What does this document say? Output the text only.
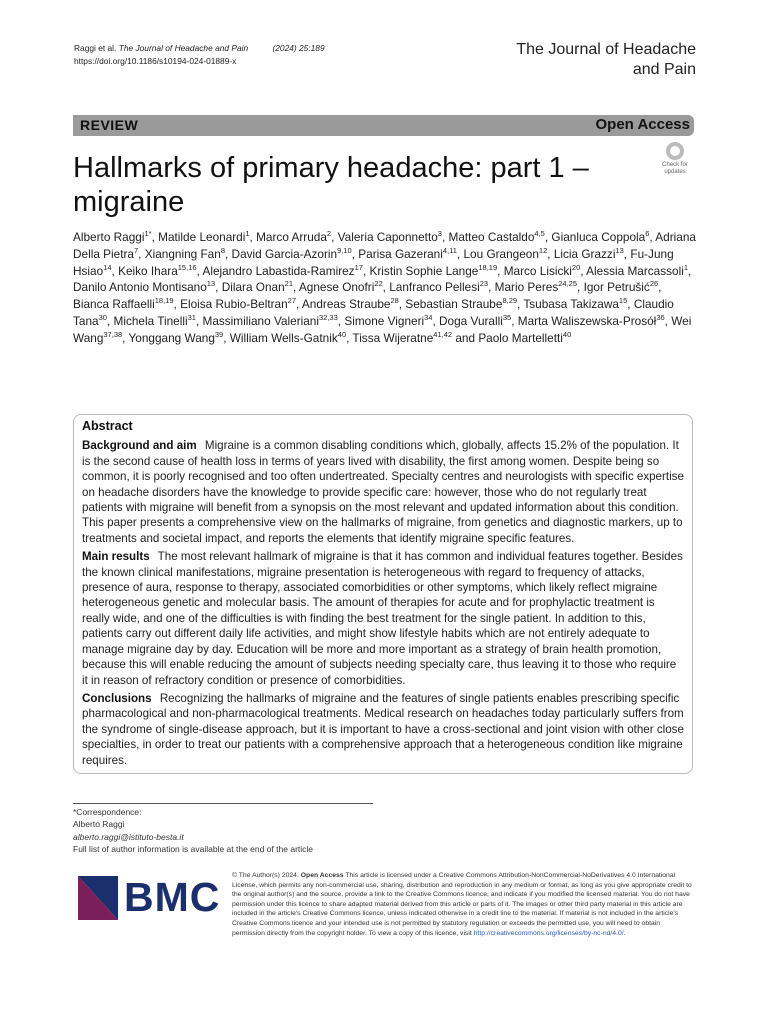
Raggi et al. The Journal of Headache and Pain	(2024) 25:189
https://doi.org/10.1186/s10194-024-01889-x
The Journal of Headache
and Pain
REVIEW	Open Access
Hallmarks of primary headache: part 1 – migraine
Check for
updates
Alberto Raggi$^{1*}$, Matilde Leonardi$^1$, Marco Arruda$^2$, Valeria Caponnetto$^3$, Matteo Castaldo$^{4,5}$, Gianluca Coppola$^6$, Adriana Della Pietra$^7$, Xiangning Fan$^8$, David Garcia-Azorin$^{9,10}$, Parisa Gazerani$^{4,11}$, Lou Grangeon$^{12}$, Licia Grazzi$^{13}$, Fu-Jung Hsiao$^{14}$, Keiko Ihara$^{15,16}$, Alejandro Labastida-Ramirez$^{17}$, Kristin Sophie Lange$^{18,19}$, Marco Lisicki$^{20}$, Alessia Marcassoli$^1$, Danilo Antonio Montisano$^{13}$, Dilara Onan$^{21}$, Agnese Onofri$^{22}$, Lanfranco Pellesi$^{23}$, Mario Peres$^{24,25}$, Igor Petrušić$^{26}$, Bianca Raffaelli$^{18,19}$, Eloisa Rubio-Beltran$^{27}$, Andreas Straube$^{28}$, Sebastian Straube$^{8,29}$, Tsubasa Takizawa$^{15}$, Claudio Tana$^{30}$, Michela Tinelli$^{31}$, Massimiliano Valeriani$^{32,33}$, Simone Vigneri$^{34}$, Doga Vuralli$^{35}$, Marta Waliszewska-Prosół$^{36}$, Wei Wang$^{37,38}$, Yonggang Wang$^{39}$, William Wells-Gatnik$^{40}$, Tissa Wijeratne$^{41,42}$ and Paolo Martelletti$^{40}$
Abstract

Background and aim Migraine is a common disabling conditions which, globally, affects 15.2% of the population. It is the second cause of health loss in terms of years lived with disability, the first among women. Despite being so common, it is poorly recognised and too often undertreated. Specialty centres and neurologists with specific expertise on headache disorders have the knowledge to provide specific care: however, those who do not regularly treat patients with migraine will benefit from a synopsis on the most relevant and updated information about this condition. This paper presents a comprehensive view on the hallmarks of migraine, from genetics and diagnostic markers, up to treatments and societal impact, and reports the elements that identify migraine specific features.

Main results The most relevant hallmark of migraine is that it has common and individual features together. Besides the known clinical manifestations, migraine presentation is heterogeneous with regard to frequency of attacks, presence of aura, response to therapy, associated comorbidities or other symptoms, which likely reflect migraine heterogeneous genetic and molecular basis. The amount of therapies for acute and for prophylactic treatment is really wide, and one of the difficulties is with finding the best treatment for the single patient. In addition to this, patients carry out different daily life activities, and might show lifestyle habits which are not entirely adequate to manage migraine day by day. Education will be more and more important as a strategy of brain health promotion, because this will enable reducing the amount of subjects needing specialty care, thus leaving it to those who require it in reason of refractory condition or presence of comorbidities.

Conclusions Recognizing the hallmarks of migraine and the features of single patients enables prescribing specific pharmacological and non-pharmacological treatments. Medical research on headaches today particularly suffers from the syndrome of single-disease approach, but it is important to have a cross-sectional and joint vision with other close specialties, in order to treat our patients with a comprehensive approach that a heterogeneous condition like migraine requires.

*Correspondence:
Alberto Raggi
alberto.raggi@istituto-besta.it
Full list of author information is available at the end of the article
BMC © The Author(s) 2024. Open Access This article is licensed under a Creative Commons Attribution-NonCommercial-NoDerivatives 4.0 International License, which permits any non-commercial use, sharing, distribution and reproduction in any medium or format, as long as you give appropriate credit to the original author(s) and the source, provide a link to the Creative Commons licence, and indicate if you modified the licensed material. You do not have permission under this licence to share adapted material derived from this article or parts of it. The images or other third party material in this article are included in the article's Creative Commons licence, unless indicated otherwise in a credit line to the material. If material is not included in the article's Creative Commons licence and your intended use is not permitted by statutory regulation or exceeds the permitted use, you will need to obtain permission directly from the copyright holder. To view a copy of this licence, visit http://creativecommons.org/licenses/by-nc-nd/4.0/.
